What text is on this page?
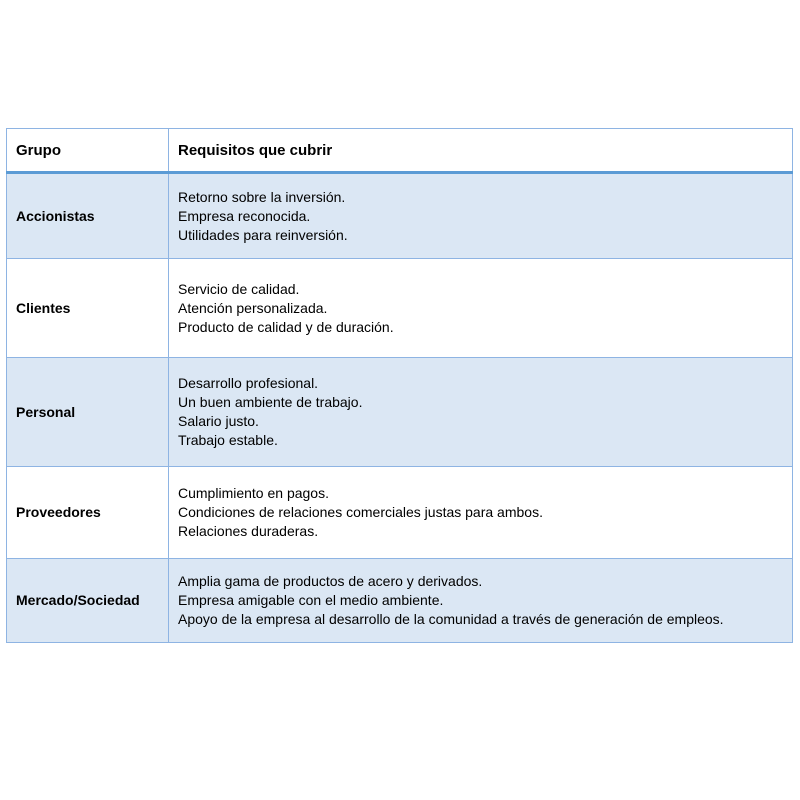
Grupo	Requisitos que cubrir
Accionistas	Retorno sobre la inversión.
Empresa reconocida.
Utilidades para reinversión.

Clientes	Servicio de calidad.
Atención personalizada.
Producto de calidad y de duración.

Personal	Desarrollo profesional.
Un buen ambiente de trabajo.
Salario justo.
Trabajo estable.

Proveedores	Cumplimiento en pagos.
Condiciones de relaciones comerciales justas para ambos.
Relaciones duraderas.

Mercado/Sociedad	Amplia gama de productos de acero y derivados.
Empresa amigable con el medio ambiente.
Apoyo de la empresa al desarrollo de la comunidad a través de generación de empleos.
